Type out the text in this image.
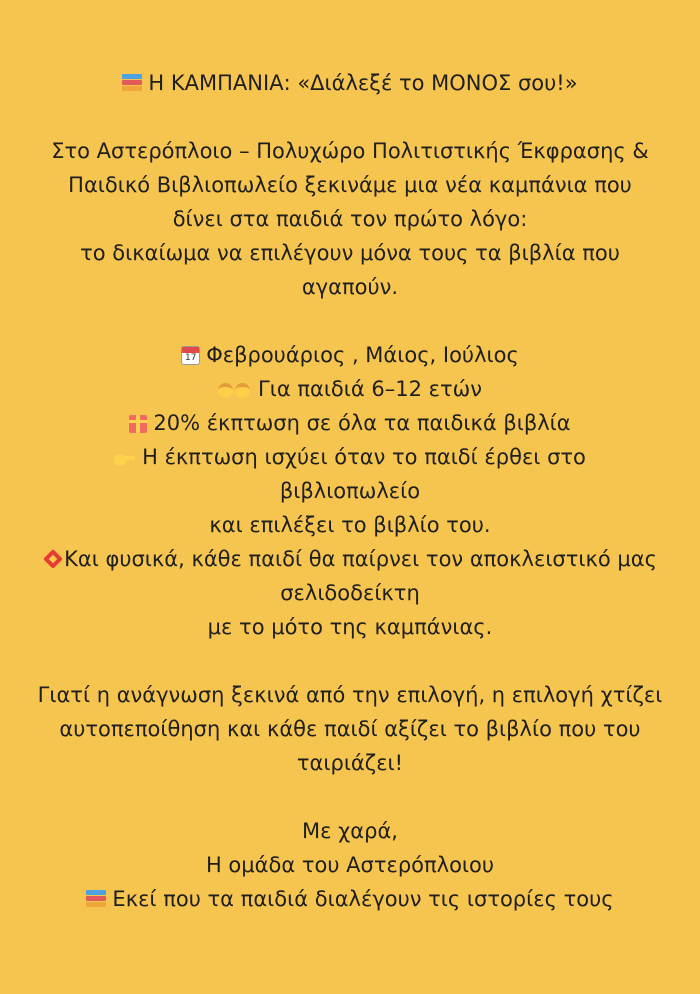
Η ΚΑΜΠΑΝΙΑ: «Διάλεξέ το ΜΟΝΟΣ σου!»
Στο Αστερόπλοιο – Πολυχώρο Πολιτιστικής Έκφρασης &
Παιδικό Βιβλιοπωλείο ξεκινάμε μια νέα καμπάνια που
δίνει στα παιδιά τον πρώτο λόγο:
το δικαίωμα να επιλέγουν μόνα τους τα βιβλία που
αγαπούν.
17Φεβρουάριος , Μάιος, Ιούλιος
Για παιδιά 6–12 ετών
20% έκπτωση σε όλα τα παιδικά βιβλία
Η έκπτωση ισχύει όταν το παιδί έρθει στο
βιβλιοπωλείο
και επιλέξει το βιβλίο του.
Και φυσικά, κάθε παιδί θα παίρνει τον αποκλειστικό μας
σελιδοδείκτη
με το μότο της καμπάνιας.
Γιατί η ανάγνωση ξεκινά από την επιλογή, η επιλογή χτίζει
αυτοπεποίθηση και κάθε παιδί αξίζει το βιβλίο που του
ταιριάζει!
Με χαρά,
Η ομάδα του Αστερόπλοιου
Εκεί που τα παιδιά διαλέγουν τις ιστορίες τους
